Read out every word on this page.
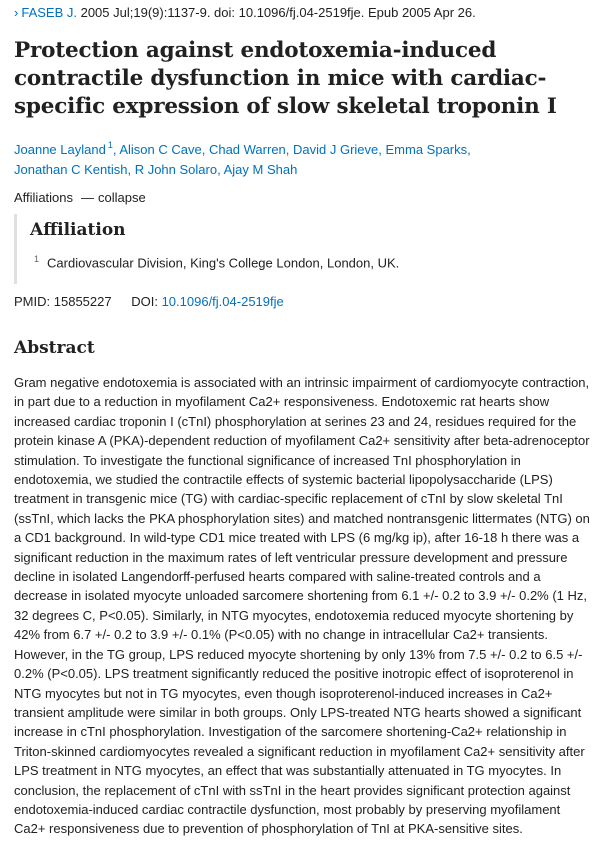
› FASEB J. 2005 Jul;19(9):1137-9. doi: 10.1096/fj.04-2519fje. Epub 2005 Apr 26.
Protection against endotoxemia-induced contractile dysfunction in mice with cardiac-specific expression of slow skeletal troponin I
Joanne Layland $^1$, Alison C Cave, Chad Warren, David J Grieve, Emma Sparks,
Jonathan C Kentish, R John Solaro, Ajay M Shah
Affiliations — collapse
Affiliation
$^1$ Cardiovascular Division, King's College London, London, UK.
PMID: 15855227 DOI: 10.1096/fj.04-2519fje
Abstract

Gram negative endotoxemia is associated with an intrinsic impairment of cardiomyocyte contraction, in part due to a reduction in myofilament Ca2+ responsiveness. Endotoxemic rat hearts show increased cardiac troponin I (cTnI) phosphorylation at serines 23 and 24, residues required for the protein kinase A (PKA)-dependent reduction of myofilament Ca2+ sensitivity after beta-adrenoceptor stimulation. To investigate the functional significance of increased TnI phosphorylation in endotoxemia, we studied the contractile effects of systemic bacterial lipopolysaccharide (LPS) treatment in transgenic mice (TG) with cardiac-specific replacement of cTnI by slow skeletal TnI (ssTnI, which lacks the PKA phosphorylation sites) and matched nontransgenic littermates (NTG) on a CD1 background. In wild-type CD1 mice treated with LPS (6 mg/kg ip), after 16-18 h there was a significant reduction in the maximum rates of left ventricular pressure development and pressure decline in isolated Langendorff-perfused hearts compared with saline-treated controls and a decrease in isolated myocyte unloaded sarcomere shortening from 6.1 +/- 0.2 to 3.9 +/- 0.2% (1 Hz, 32 degrees C, P<0.05). Similarly, in NTG myocytes, endotoxemia reduced myocyte shortening by 42% from 6.7 +/- 0.2 to 3.9 +/- 0.1% (P<0.05) with no change in intracellular Ca2+ transients. However, in the TG group, LPS reduced myocyte shortening by only 13% from 7.5 +/- 0.2 to 6.5 +/- 0.2% (P<0.05). LPS treatment significantly reduced the positive inotropic effect of isoproterenol in NTG myocytes but not in TG myocytes, even though isoproterenol-induced increases in Ca2+ transient amplitude were similar in both groups. Only LPS-treated NTG hearts showed a significant increase in cTnI phosphorylation. Investigation of the sarcomere shortening-Ca2+ relationship in Triton-skinned cardiomyocytes revealed a significant reduction in myofilament Ca2+ sensitivity after LPS treatment in NTG myocytes, an effect that was substantially attenuated in TG myocytes. In conclusion, the replacement of cTnI with ssTnI in the heart provides significant protection against endotoxemia-induced cardiac contractile dysfunction, most probably by preserving myofilament Ca2+ responsiveness due to prevention of phosphorylation of TnI at PKA-sensitive sites.
